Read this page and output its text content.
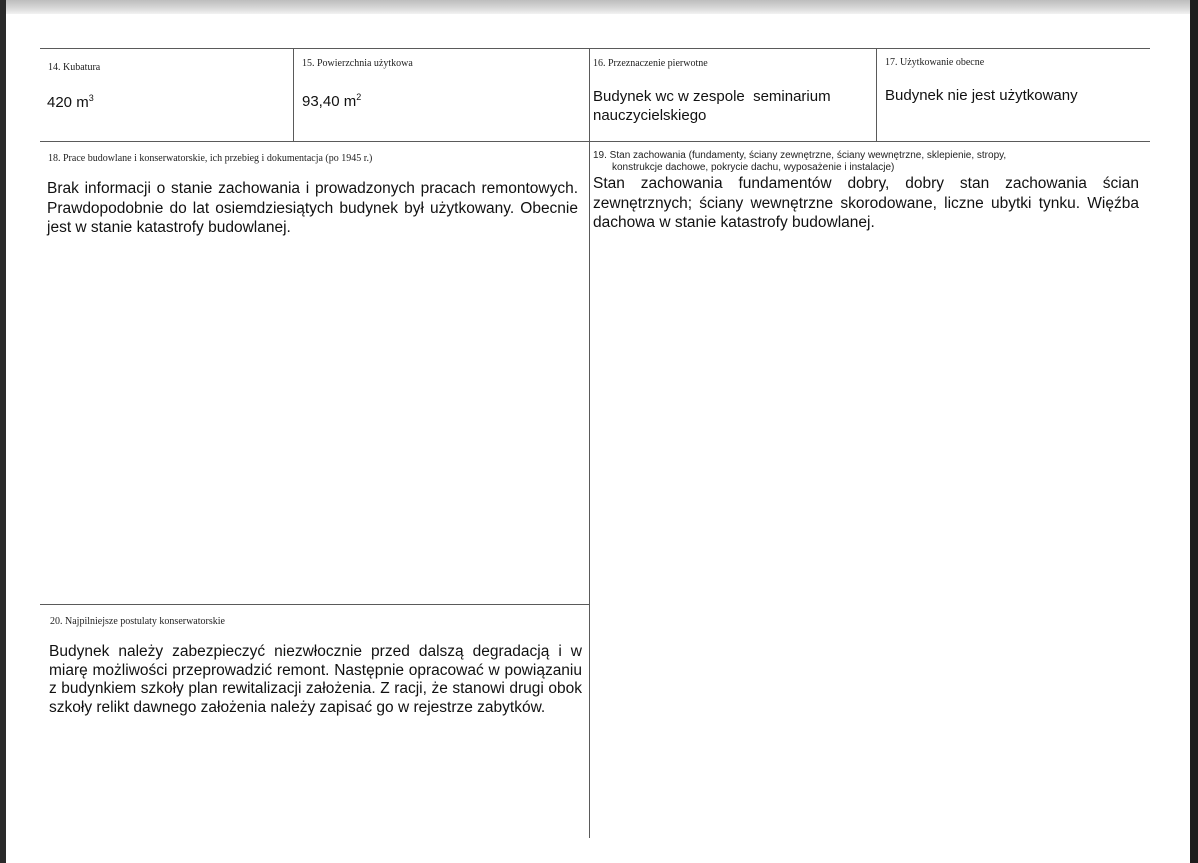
14. Kubatura
420 $m^3$
15. Powierzchnia użytkowa
93,40 $m^2$
16. Przeznaczenie pierwotne
Budynek wc w zespole  seminarium nauczycielskiego
17. Użytkowanie obecne
Budynek nie jest użytkowany
18. Prace budowlane i konserwatorskie, ich przebieg i dokumentacja (po 1945 r.)
Brak informacji o stanie zachowania i prowadzonych pracach remontowych. Prawdopodobnie do lat osiemdziesiątych budynek był użytkowany. Obecnie jest w stanie katastrofy budowlanej.
19. Stan zachowania (fundamenty, ściany zewnętrzne, ściany wewnętrzne, sklepienie, stropy,
konstrukcje dachowe, pokrycie dachu, wyposażenie i instalacje)
Stan zachowania fundamentów dobry, dobry stan zachowania ścian zewnętrznych; ściany wewnętrzne skorodowane, liczne ubytki tynku. Więźba dachowa w stanie katastrofy budowlanej.
20. Najpilniejsze postulaty konserwatorskie
Budynek należy zabezpieczyć niezwłocznie przed dalszą degradacją i w miarę możliwości przeprowadzić remont. Następnie opracować w powiązaniu z budynkiem szkoły plan rewitalizacji założenia. Z racji, że stanowi drugi obok szkoły relikt dawnego założenia należy zapisać go w rejestrze zabytków.
